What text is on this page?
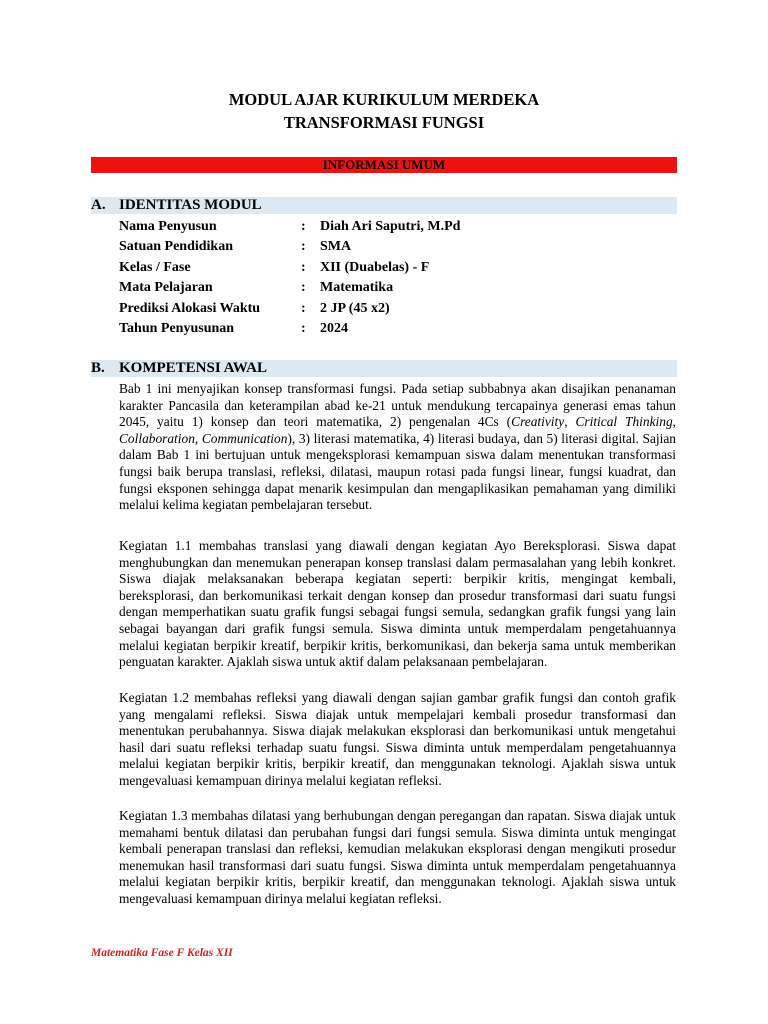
MODUL AJAR KURIKULUM MERDEKA
TRANSFORMASI FUNGSI
INFORMASI UMUM
A. IDENTITAS MODUL
Nama Penyusun	: Diah Ari Saputri, M.Pd
Satuan Pendidikan	: SMA
Kelas / Fase	: XII (Duabelas) - F
Mata Pelajaran	: Matematika
Prediksi Alokasi Waktu	: 2 JP (45 x2)
Tahun Penyusunan	: 2024
B. KOMPETENSI AWAL
Bab 1 ini menyajikan konsep transformasi fungsi. Pada setiap subbabnya akan disajikan penanaman karakter Pancasila dan keterampilan abad ke-21 untuk mendukung tercapainya generasi emas tahun 2045, yaitu 1) konsep dan teori matematika, 2) pengenalan 4Cs (Creativity, Critical Thinking, Collaboration, Communication), 3) literasi matematika, 4) literasi budaya, dan 5) literasi digital. Sajian dalam Bab 1 ini bertujuan untuk mengeksplorasi kemampuan siswa dalam menentukan transformasi fungsi baik berupa translasi, refleksi, dilatasi, maupun rotasi pada fungsi linear, fungsi kuadrat, dan fungsi eksponen sehingga dapat menarik kesimpulan dan mengaplikasikan pemahaman yang dimiliki melalui kelima kegiatan pembelajaran tersebut.
Kegiatan 1.1 membahas translasi yang diawali dengan kegiatan Ayo Bereksplorasi. Siswa dapat menghubungkan dan menemukan penerapan konsep translasi dalam permasalahan yang lebih konkret. Siswa diajak melaksanakan beberapa kegiatan seperti: berpikir kritis, mengingat kembali, bereksplorasi, dan berkomunikasi terkait dengan konsep dan prosedur transformasi dari suatu fungsi dengan memperhatikan suatu grafik fungsi sebagai fungsi semula, sedangkan grafik fungsi yang lain sebagai bayangan dari grafik fungsi semula. Siswa diminta untuk memperdalam pengetahuannya melalui kegiatan berpikir kreatif, berpikir kritis, berkomunikasi, dan bekerja sama untuk memberikan penguatan karakter. Ajaklah siswa untuk aktif dalam pelaksanaan pembelajaran.
Kegiatan 1.2 membahas refleksi yang diawali dengan sajian gambar grafik fungsi dan contoh grafik yang mengalami refleksi. Siswa diajak untuk mempelajari kembali prosedur transformasi dan menentukan perubahannya. Siswa diajak melakukan eksplorasi dan berkomunikasi untuk mengetahui hasil dari suatu refleksi terhadap suatu fungsi. Siswa diminta untuk memperdalam pengetahuannya melalui kegiatan berpikir kritis, berpikir kreatif, dan menggunakan teknologi. Ajaklah siswa untuk mengevaluasi kemampuan dirinya melalui kegiatan refleksi.
Kegiatan 1.3 membahas dilatasi yang berhubungan dengan peregangan dan rapatan. Siswa diajak untuk memahami bentuk dilatasi dan perubahan fungsi dari fungsi semula. Siswa diminta untuk mengingat kembali penerapan translasi dan refleksi, kemudian melakukan eksplorasi dengan mengikuti prosedur menemukan hasil transformasi dari suatu fungsi. Siswa diminta untuk memperdalam pengetahuannya melalui kegiatan berpikir kritis, berpikir kreatif, dan menggunakan teknologi. Ajaklah siswa untuk mengevaluasi kemampuan dirinya melalui kegiatan refleksi.
Matematika Fase F Kelas XII
